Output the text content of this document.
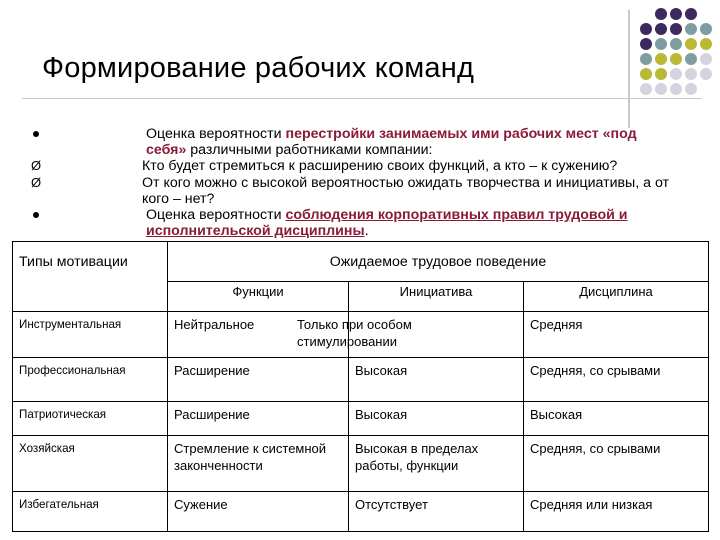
Формирование рабочих команд
Оценка вероятности перестройки занимаемых ими рабочих мест «под себя» различными работниками компании:
Ø	Кто будет стремиться к расширению своих функций, а кто – к сужению?
Ø	От кого можно с высокой вероятностью ожидать творчества и инициативы, а от кого – нет?
Оценка вероятности соблюдения корпоративных правил трудовой и исполнительской дисциплины.
Типы мотивации	Ожидаемое трудовое поведение
Функции	Инициатива	Дисциплина
Инструментальная	Нейтральное	Только при особом стимулировании	Средняя
Профессиональная	Расширение	Высокая	Средняя, со срывами
Патриотическая	Расширение	Высокая	Высокая
Хозяйская	Стремление к системной законченности	Высокая в пределах работы, функции	Средняя, со срывами
Избегательная	Сужение	Отсутствует	Средняя или низкая
